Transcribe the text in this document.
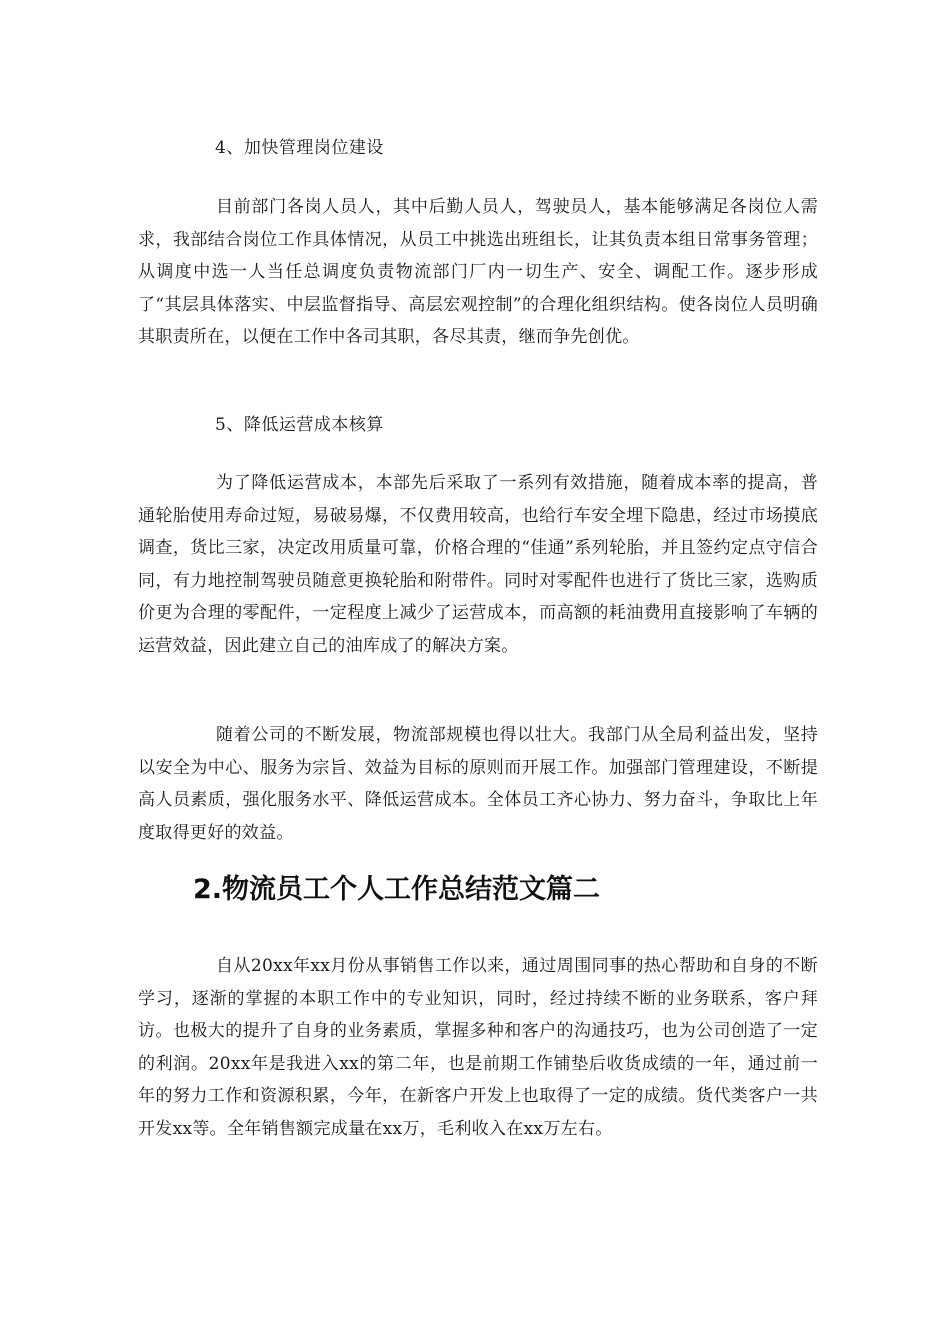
4、加快管理岗位建设

目前部门各岗人员人，其中后勤人员人，驾驶员人，基本能够满足各岗位人需求，我部结合岗位工作具体情况，从员工中挑选出班组长，让其负责本组日常事务管理；从调度中选一人当任总调度负责物流部门厂内一切生产、安全、调配工作。逐步形成了“其层具体落实、中层监督指导、高层宏观控制”的合理化组织结构。使各岗位人员明确其职责所在，以便在工作中各司其职，各尽其责，继而争先创优。

5、降低运营成本核算

为了降低运营成本，本部先后采取了一系列有效措施，随着成本率的提高，普通轮胎使用寿命过短，易破易爆，不仅费用较高，也给行车安全埋下隐患，经过市场摸底调查，货比三家，决定改用质量可靠，价格合理的“佳通”系列轮胎，并且签约定点守信合同，有力地控制驾驶员随意更换轮胎和附带件。同时对零配件也进行了货比三家，选购质价更为合理的零配件，一定程度上减少了运营成本，而高额的耗油费用直接影响了车辆的运营效益，因此建立自己的油库成了的解决方案。

随着公司的不断发展，物流部规模也得以壮大。我部门从全局利益出发，坚持以安全为中心、服务为宗旨、效益为目标的原则而开展工作。加强部门管理建设，不断提高人员素质，强化服务水平、降低运营成本。全体员工齐心协力、努力奋斗，争取比上年度取得更好的效益。

2.物流员工个人工作总结范文篇二

自从20xx年xx月份从事销售工作以来，通过周围同事的热心帮助和自身的不断学习，逐渐的掌握的本职工作中的专业知识，同时，经过持续不断的业务联系，客户拜访。也极大的提升了自身的业务素质，掌握多种和客户的沟通技巧，也为公司创造了一定的利润。20xx年是我进入xx的第二年，也是前期工作铺垫后收货成绩的一年，通过前一年的努力工作和资源积累，今年，在新客户开发上也取得了一定的成绩。货代类客户一共开发xx等。全年销售额完成量在xx万，毛利收入在xx万左右。
